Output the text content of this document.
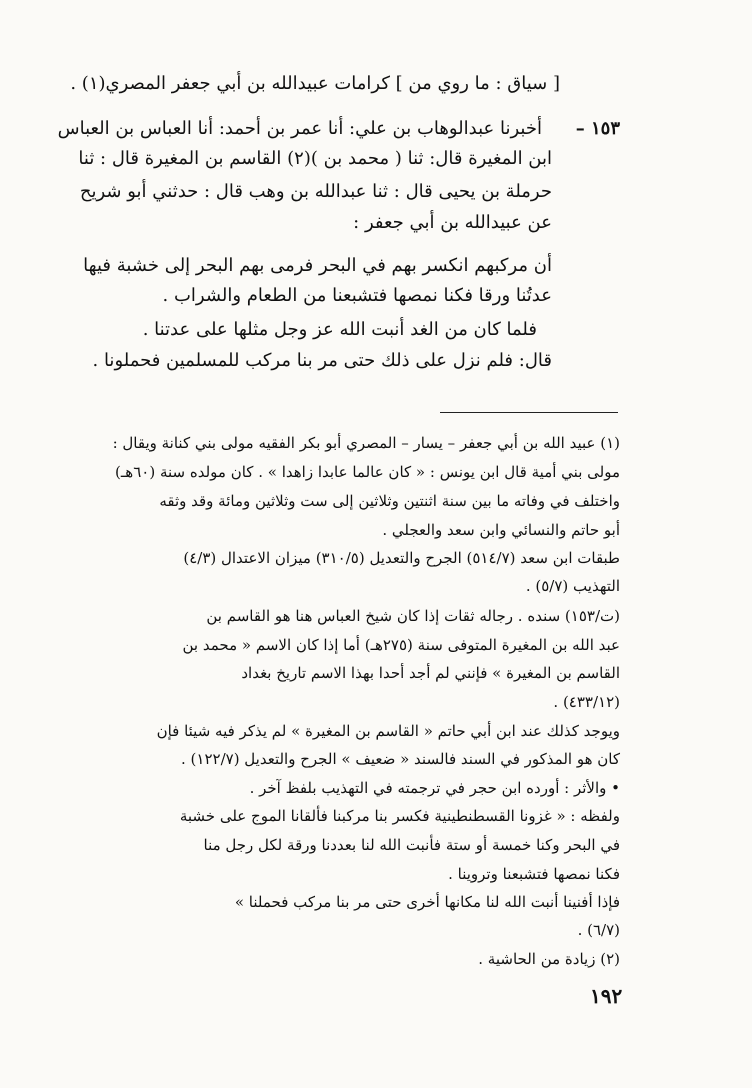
[ سياق : ما روي من ] كرامات عبيدالله بن أبي جعفر المصري(١) .
١٥٣ –
أخبرنا عبدالوهاب بن علي: أنا عمر بن أحمد: أنا العباس بن العباس
ابن المغيرة قال: ثنا ( محمد بن )(٢) القاسم بن المغيرة قال : ثنا
حرملة بن يحيى قال : ثنا عبدالله بن وهب قال : حدثني أبو شريح
عن عبيدالله بن أبي جعفر :
أن مركبهم انكسر بهم في البحر فرمى بهم البحر إلى خشبة فيها
عدتُنا ورقا فكنا نمصها فتشبعنا من الطعام والشراب .
فلما كان من الغد أنبت الله عز وجل مثلها على عدتنا .
قال: فلم نزل على ذلك حتى مر بنا مركب للمسلمين فحملونا .
(١) عبيد الله بن أبي جعفر – يسار – المصري أبو بكر الفقيه مولى بني كنانة ويقال :
مولى بني أمية قال ابن يونس : « كان عالما عابدا زاهدا » . كان مولده سنة (٦٠هـ)
واختلف في وفاته ما بين سنة اثنتين وثلاثين إلى ست وثلاثين ومائة وقد وثقه
أبو حاتم والنسائي وابن سعد والعجلي .
طبقات ابن سعد (٥١٤/٧) الجرح والتعديل (٣١٠/٥) ميزان الاعتدال (٤/٣)
التهذيب (٥/٧) .
(ت/١٥٣) سنده . رجاله ثقات إذا كان شيخ العباس هنا هو القاسم بن
عبد الله بن المغيرة المتوفى سنة (٢٧٥هـ) أما إذا كان الاسم « محمد بن
القاسم بن المغيرة » فإنني لم أجد أحدا بهذا الاسم تاريخ بغداد
(٤٣٣/١٢) .
ويوجد كذلك عند ابن أبي حاتم « القاسم بن المغيرة » لم يذكر فيه شيئا فإن
كان هو المذكور في السند فالسند « ضعيف » الجرح والتعديل (١٢٢/٧) .
• والأثر : أورده ابن حجر في ترجمته في التهذيب بلفظ آخر .
ولفظه : « غزونا القسطنطينية فكسر بنا مركبنا فألقانا الموج على خشبة
في البحر وكنا خمسة أو ستة فأنبت الله لنا بعددنا ورقة لكل رجل منا
فكنا نمصها فتشبعنا وتروينا .
فإذا أفنينا أنبت الله لنا مكانها أخرى حتى مر بنا مركب فحملنا »
(٦/٧) .
(٢) زيادة من الحاشية .
١٩٢
